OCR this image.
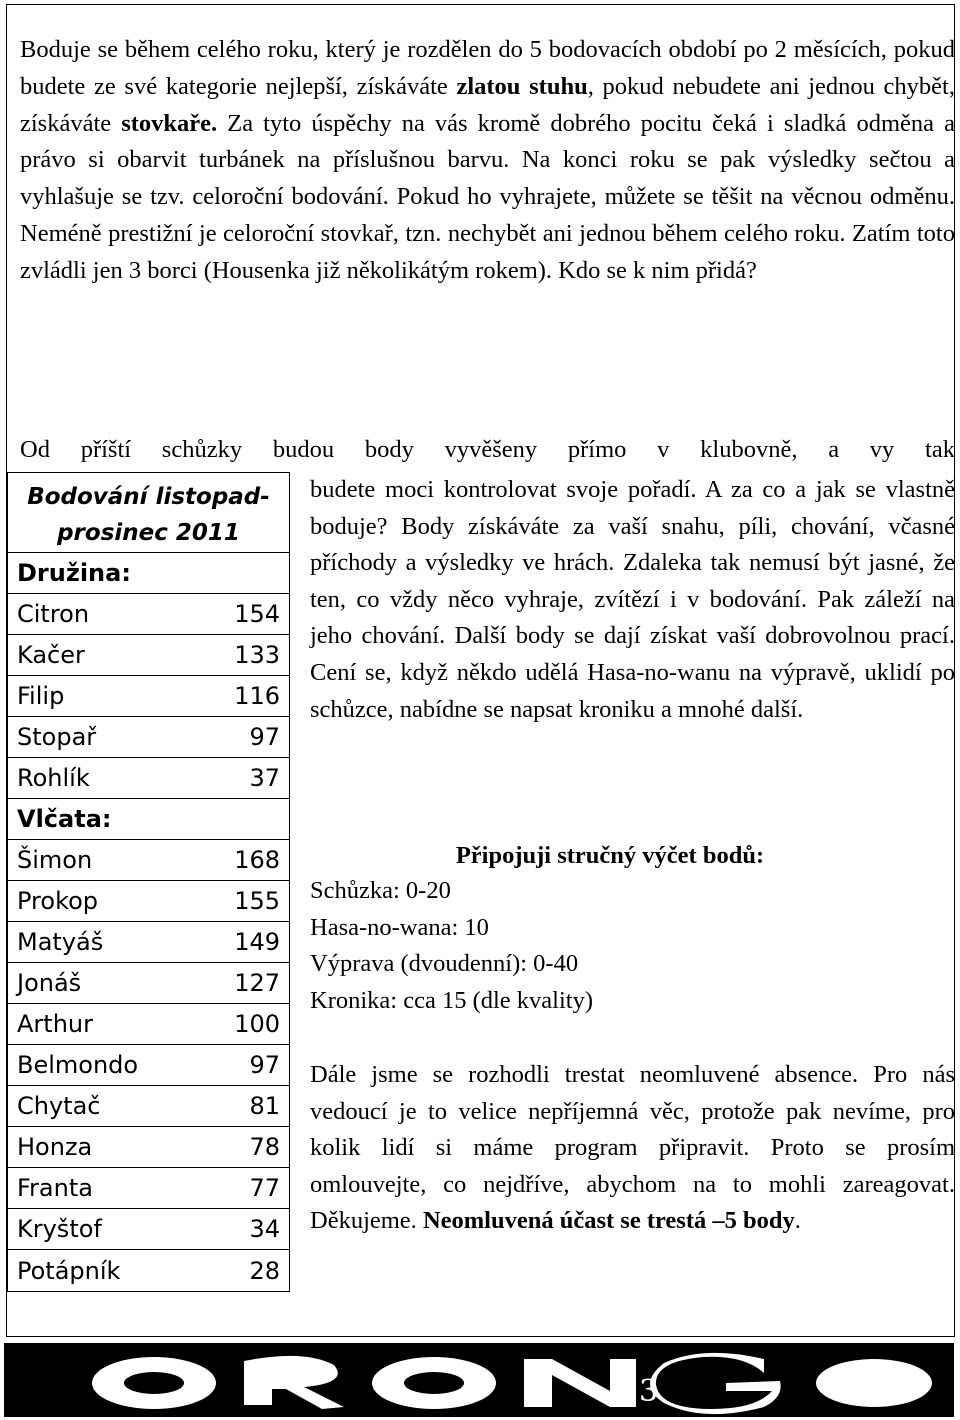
Boduje se během celého roku, který je rozdělen do 5 bodovacích období po 2 měsících, pokud budete ze své kategorie nejlepší, získáváte zlatou stuhu, pokud nebudete ani jednou chybět, získáváte stovkaře. Za tyto úspěchy na vás kromě dobrého pocitu čeká i sladká odměna a právo si obarvit turbánek na příslušnou barvu. Na konci roku se pak výsledky sečtou a vyhlašuje se tzv. celoroční bodování. Pokud ho vyhrajete, můžete se těšit na věcnou odměnu. Neméně prestižní je celoroční stovkař, tzn. nechybět ani jednou během celého roku. Zatím toto zvládli jen 3 borci (Housenka již několikátým rokem). Kdo se k nim přidá?
Od příští schůzky budou body vyvěšeny přímo v klubovně, a vy tak
budete moci kontrolovat svoje pořadí. A za co a jak se vlastně boduje? Body získáváte za vaší snahu, píli, chování, včasné příchody a výsledky ve hrách. Zdaleka tak nemusí být jasné, že ten, co vždy něco vyhraje, zvítězí i v bodování. Pak záleží na jeho chování. Další body se dají získat vaší dobrovolnou prací. Cení se, když někdo udělá Hasa-no-wanu na výpravě, uklidí po schůzce, nabídne se napsat kroniku a mnohé další.
Připojuji stručný výčet bodů:
Schůzka: 0-20
Hasa-no-wana: 10
Výprava (dvoudenní): 0-40
Kronika: cca 15 (dle kvality)
Dále jsme se rozhodli trestat neomluvené absence. Pro nás vedoucí je to velice nepříjemná věc, protože pak nevíme, pro kolik lidí si máme program připravit. Proto se prosím omlouvejte, co nejdříve, abychom na to mohli zareagovat. Děkujeme. Neomluvená účast se trestá –5 body.
Bodování listopad-
prosinec 2011
Družina:
Citron	154
Kačer	133
Filip	116
Stopař	97
Rohlík	37
Vlčata:
Šimon	168
Prokop	155
Matyáš	149
Jonáš	127
Arthur	100
Belmondo	97
Chytač	81
Honza	78
Franta	77
Kryštof	34
Potápník	28
3
